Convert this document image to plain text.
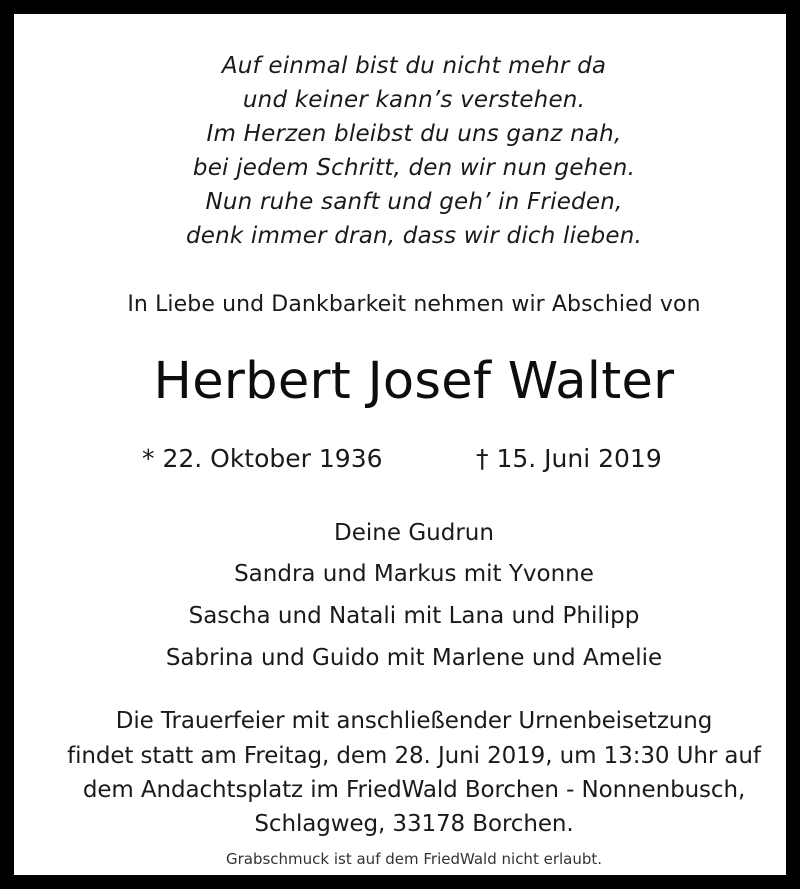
Auf einmal bist du nicht mehr da
und keiner kann’s verstehen.
Im Herzen bleibst du uns ganz nah,
bei jedem Schritt, den wir nun gehen.
Nun ruhe sanft und geh’ in Frieden,
denk immer dran, dass wir dich lieben.
In Liebe und Dankbarkeit nehmen wir Abschied von
Herbert Josef Walter
* 22. Oktober 1936	† 15. Juni 2019
Deine Gudrun
Sandra und Markus mit Yvonne
Sascha und Natali mit Lana und Philipp
Sabrina und Guido mit Marlene und Amelie
Die Trauerfeier mit anschließender Urnenbeisetzung
findet statt am Freitag, dem 28. Juni 2019, um 13:30 Uhr auf
dem Andachtsplatz im FriedWald Borchen - Nonnenbusch,
Schlagweg, 33178 Borchen.
Grabschmuck ist auf dem FriedWald nicht erlaubt.
